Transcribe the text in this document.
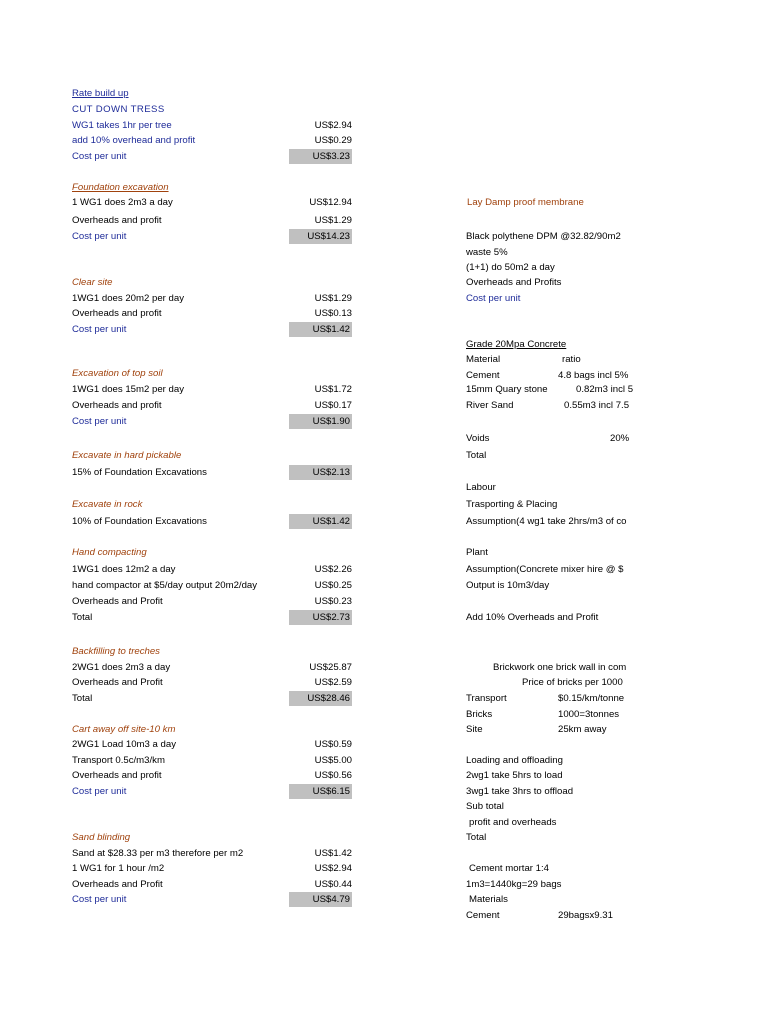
Rate build up
CUT DOWN TRESS
WG1 takes 1hr per tree	US$2.94
add 10% overhead and profit	US$0.29
Cost per unit	US$3.23
Foundation excavation
1 WG1 does 2m3 a day	US$12.94
Overheads and profit	US$1.29
Cost per unit	US$14.23
Clear site
1WG1 does 20m2 per day	US$1.29
Overheads and profit	US$0.13
Cost per unit	US$1.42
Excavation of top soil
1WG1 does 15m2 per day	US$1.72
Overheads and profit	US$0.17
Cost per unit	US$1.90
Excavate in hard pickable
15% of Foundation Excavations	US$2.13
Excavate in rock
10% of Foundation Excavations	US$1.42
Hand compacting
1WG1 does 12m2 a day	US$2.26
hand compactor at $5/day output 20m2/day	US$0.25
Overheads and Profit	US$0.23
Total	US$2.73
Backfilling to treches
2WG1 does 2m3 a day	US$25.87
Overheads and Profit	US$2.59
Total	US$28.46
Cart away off site-10 km
2WG1 Load 10m3 a day	US$0.59
Transport 0.5c/m3/km	US$5.00
Overheads and profit	US$0.56
Cost per unit	US$6.15
Sand blinding
Sand at $28.33 per m3 therefore per m2	US$1.42
1 WG1 for 1 hour /m2	US$2.94
Overheads and Profit	US$0.44
Cost per unit	US$4.79
Lay Damp proof membrane
Black polythene DPM @32.82/90m2
waste 5%
(1+1) do 50m2 a day
Overheads and Profits
Cost per unit
Grade 20Mpa Concrete
Material	ratio
Cement	4.8 bags incl 5%
15mm Quary stone	0.82m3 incl 5
River Sand	0.55m3 incl 7.5
Voids	20%
Total
Labour
Trasporting & Placing
Assumption(4 wg1 take 2hrs/m3 of co
Plant
Assumption(Concrete mixer hire @ $
Output is 10m3/day
Add 10% Overheads and Profit
Brickwork one brick wall in com
Price of bricks per 1000
Transport	$0.15/km/tonne
Bricks	1000=3tonnes
Site	25km away
Loading and offloading
2wg1 take 5hrs to load
3wg1 take 3hrs to offload
Sub total
profit and overheads
Total
Cement mortar 1:4
1m3=1440kg=29 bags
Materials
Cement	29bagsx9.31
